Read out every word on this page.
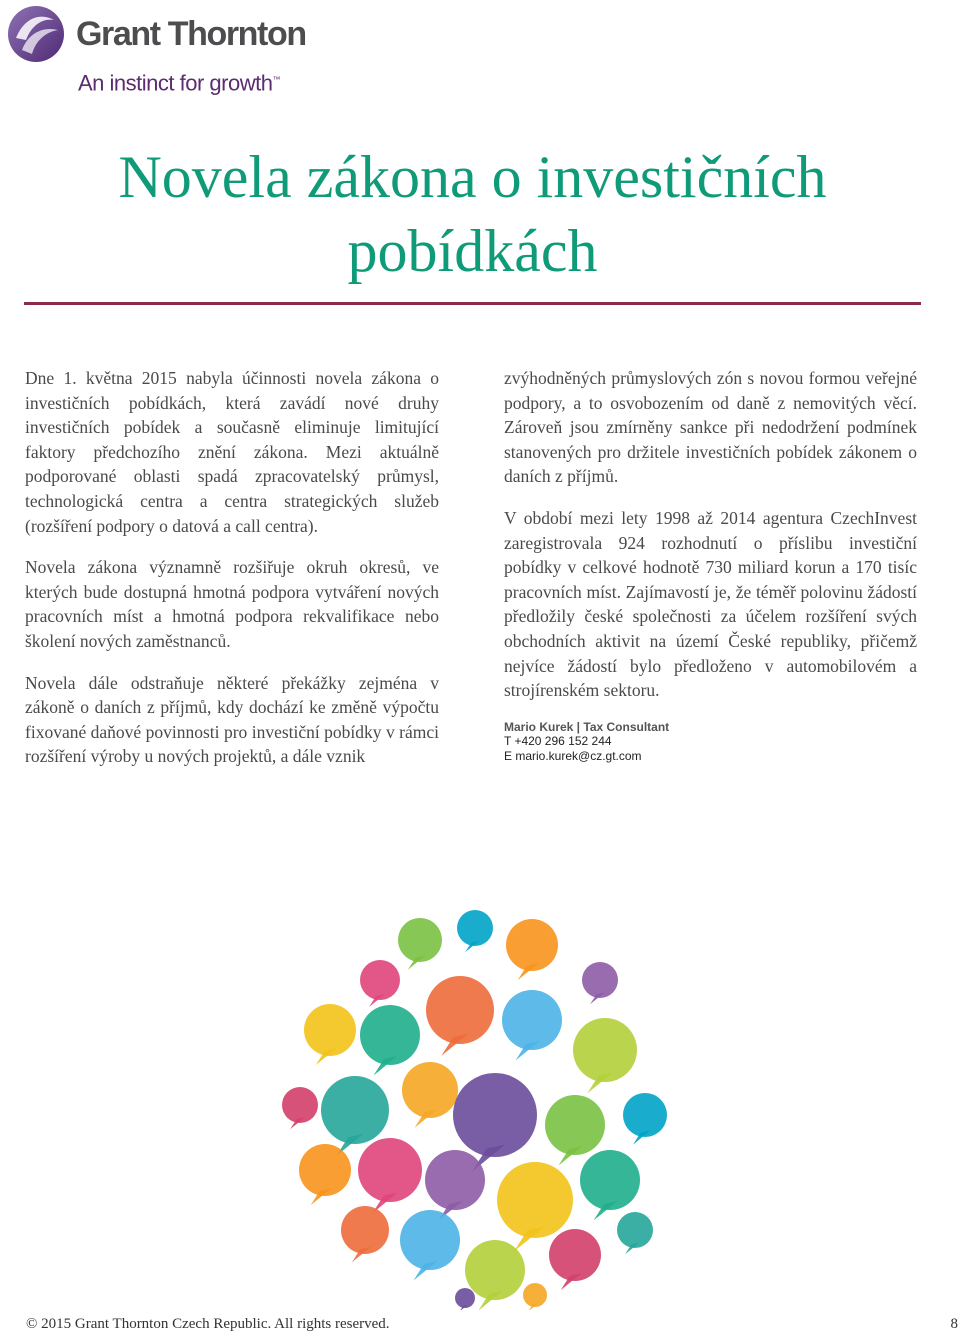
Grant Thornton
An instinct for growth™
Novela zákona o investičních pobídkách

Dne 1. května 2015 nabyla účinnosti novela zákona o investičních pobídkách, která zavádí nové druhy investičních pobídek a současně eliminuje limitující faktory předchozího znění zákona. Mezi aktuálně podporované oblasti spadá zpracovatelský průmysl, technologická centra a centra strategických služeb (rozšíření podpory o datová a call centra).

Novela zákona významně rozšiřuje okruh okresů, ve kterých bude dostupná hmotná podpora vytváření nových pracovních míst a hmotná podpora rekvalifikace nebo školení nových zaměstnanců.

Novela dále odstraňuje některé překážky zejména v zákoně o daních z příjmů, kdy dochází ke změně výpočtu fixované daňové povinnosti pro investiční pobídky v rámci rozšíření výroby u nových projektů, a dále vznik

zvýhodněných průmyslových zón s novou formou veřejné podpory, a to osvobozením od daně z nemovitých věcí. Zároveň jsou zmírněny sankce při nedodržení podmínek stanovených pro držitele investičních pobídek zákonem o daních z příjmů.

V období mezi lety 1998 až 2014 agentura CzechInvest zaregistrovala 924 rozhodnutí o příslibu investiční pobídky v celkové hodnotě 730 miliard korun a 170 tisíc pracovních míst. Zajímavostí je, že téměř polovinu žádostí předložily české společnosti za účelem rozšíření svých obchodních aktivit na území České republiky, přičemž nejvíce žádostí bylo předloženo v automobilovém a strojírenském sektoru.

Mario Kurek | Tax Consultant
T +420 296 152 244
E mario.kurek@cz.gt.com
© 2015 Grant Thornton Czech Republic. All rights reserved.	8
